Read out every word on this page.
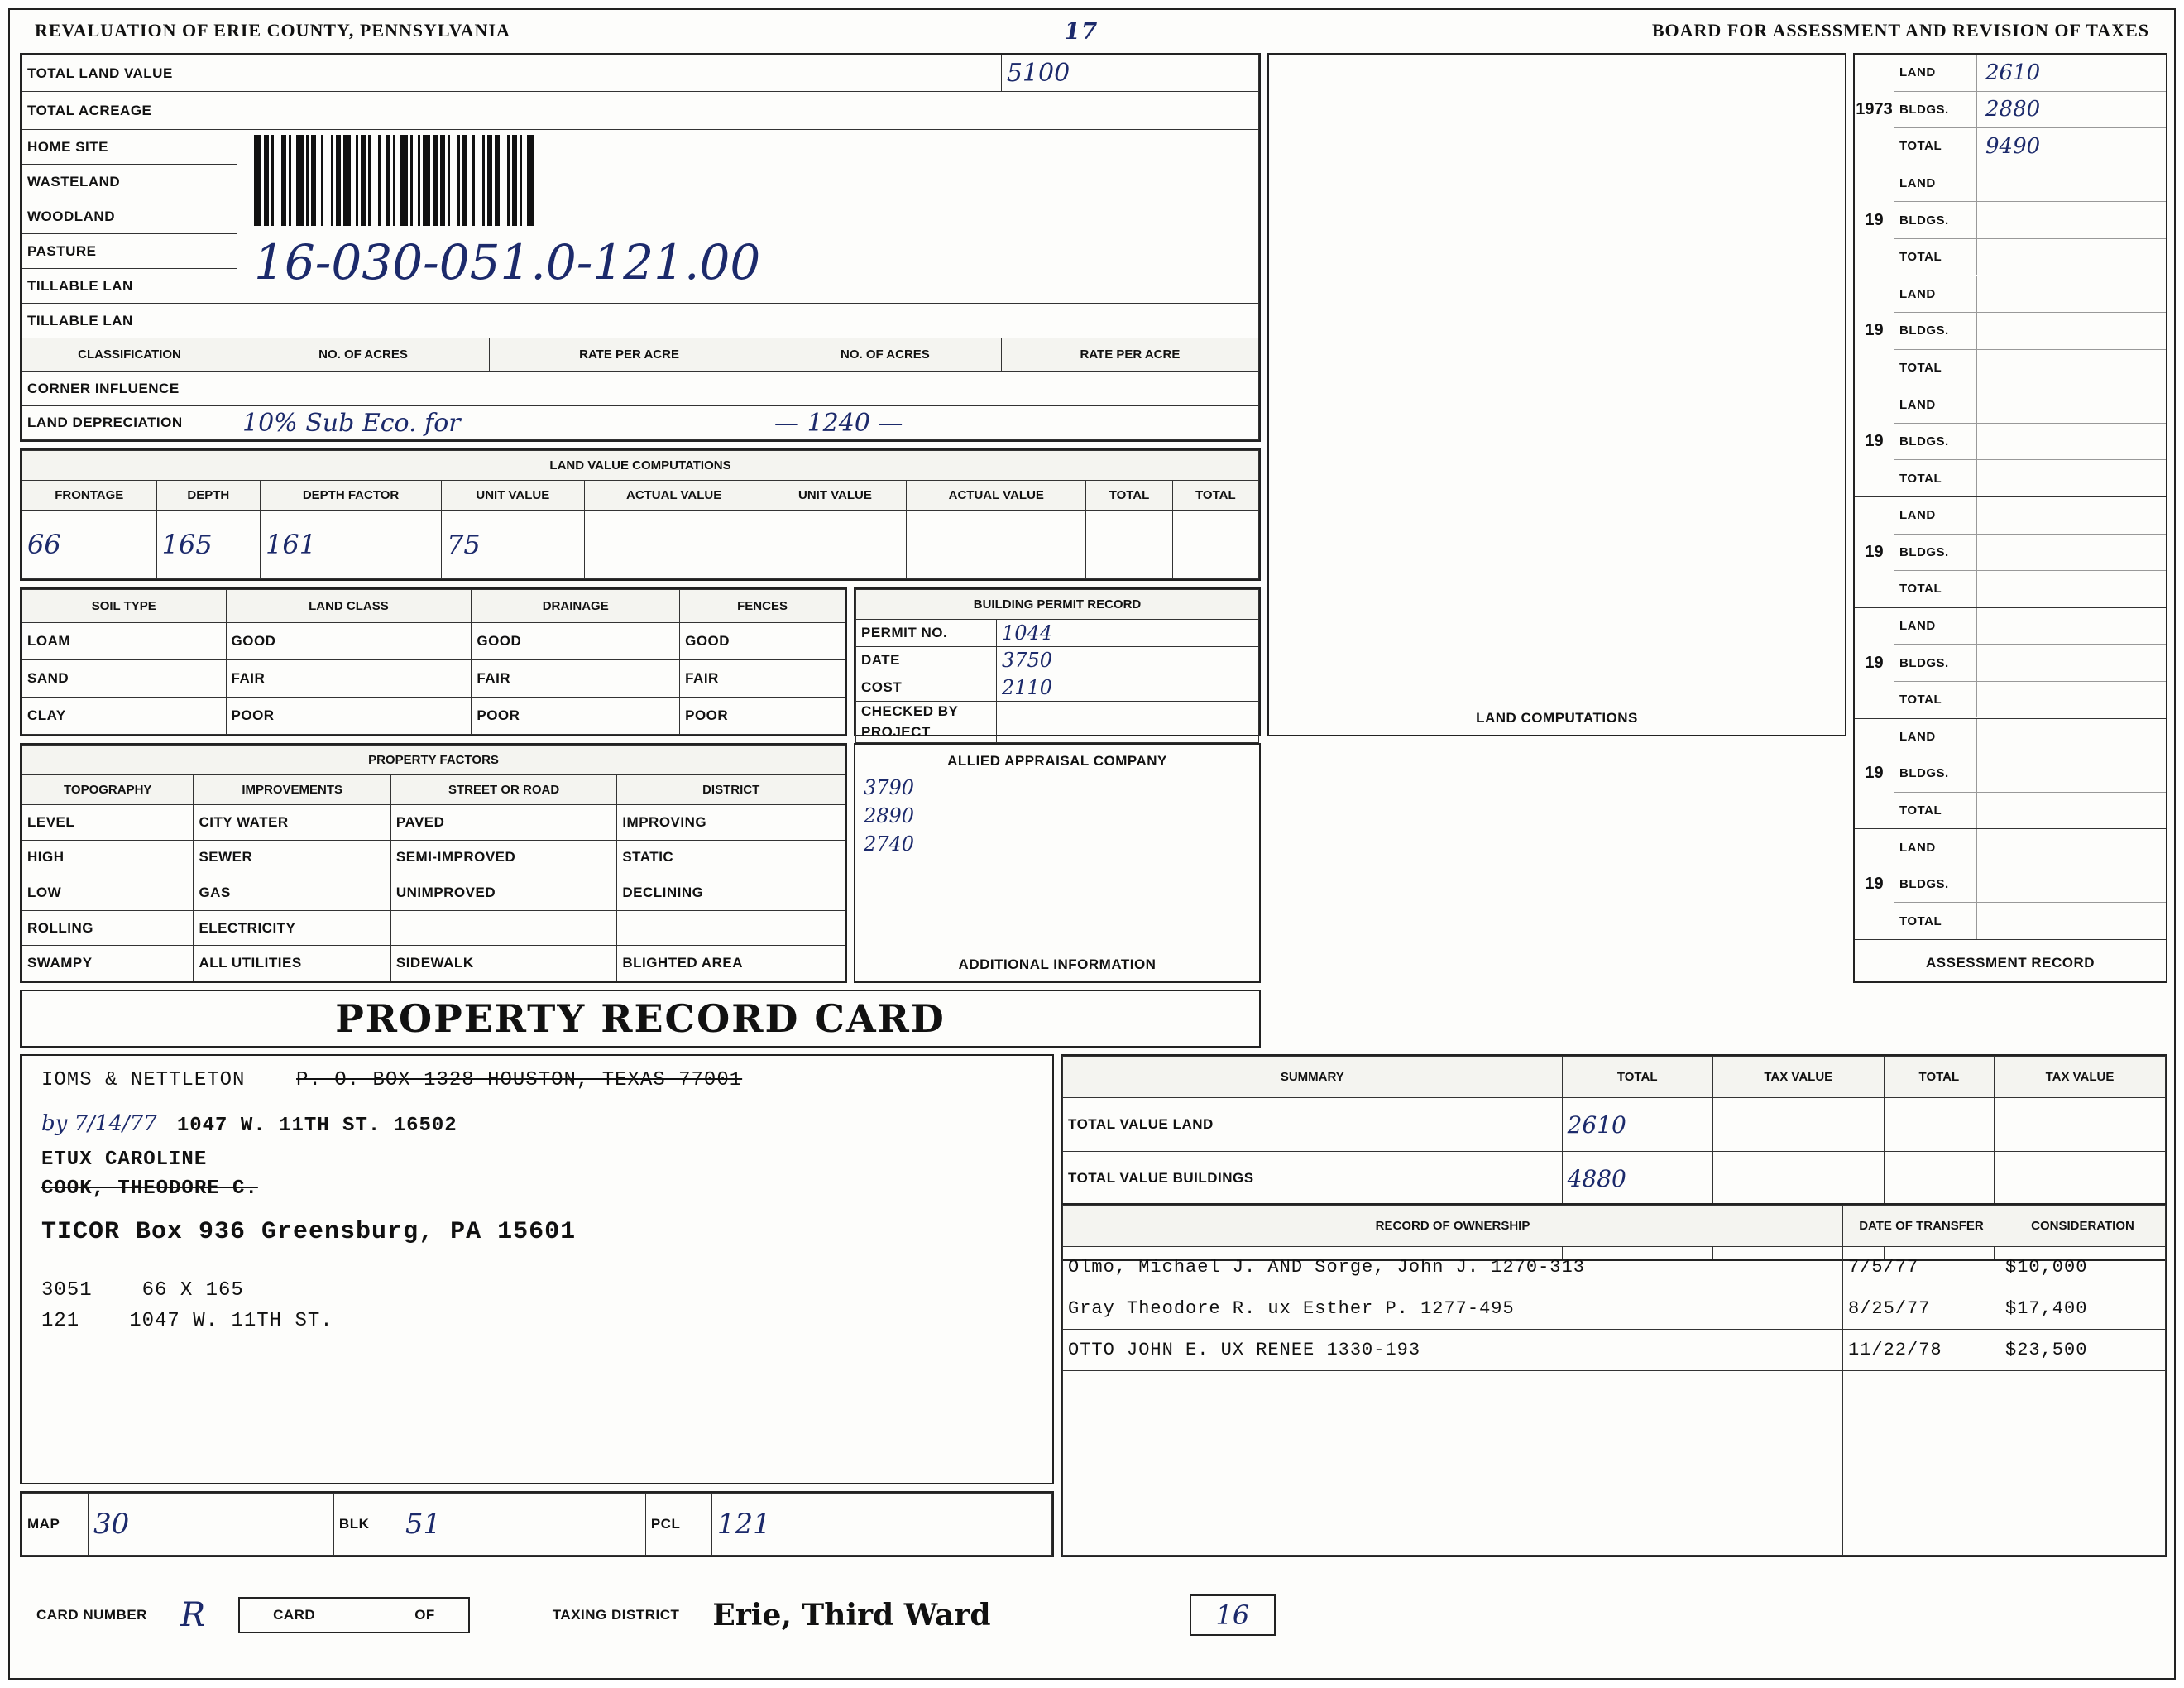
REVALUATION OF ERIE COUNTY, PENNSYLVANIA	17	BOARD FOR ASSESSMENT AND REVISION OF TAXES
TOTAL LAND VALUE				5100
TOTAL ACREAGE				
HOME SITE	16-030-051.0-121.00			

WASTELAND				
WOODLAND				
PASTURE				
TILLABLE LAN				
TILLABLE LAN				
CLASSIFICATION	NO. OF ACRES	RATE PER ACRE	NO. OF ACRES	RATE PER ACRE
CORNER INFLUENCE				
LAND DEPRECIATION	10% Sub Eco. for		— 1240 —	
LAND VALUE COMPUTATIONS								
FRONTAGE	DEPTH	DEPTH FACTOR	UNIT VALUE	ACTUAL VALUE	UNIT VALUE	ACTUAL VALUE	TOTAL	TOTAL
66	165	161	75					
SOIL TYPE	LAND CLASS	DRAINAGE	FENCES
LOAM	GOOD	GOOD	GOOD
SAND	FAIR	FAIR	FAIR
CLAY	POOR	POOR	POOR
BUILDING PERMIT RECORD	
PERMIT NO.	1044
DATE	3750
COST	2110
CHECKED BY	
PROJECT	
PROPERTY FACTORS			
TOPOGRAPHY	IMPROVEMENTS	STREET OR ROAD	DISTRICT
LEVEL	CITY WATER	PAVED	IMPROVING
HIGH	SEWER	SEMI-IMPROVED	STATIC
LOW	GAS	UNIMPROVED	DECLINING
ROLLING	ELECTRICITY		
SWAMPY	ALL UTILITIES	SIDEWALK	BLIGHTED AREA
ALLIED APPRAISAL COMPANY
3790
2890
2740
ADDITIONAL INFORMATION
PROPERTY RECORD CARD
IOMS & NETTLETON	P. O. BOX 1328 HOUSTON, TEXAS 77001
by 7/14/77 1047 W. 11TH ST. 16502
ETUX CAROLINE
COOK, THEODORE C.
TICOR Box 936 Greensburg, PA 15601
3051	66 X 165
121	1047 W. 11TH ST.
MAP	30	BLK	51	PCL	121
CARD NUMBER R	CARD	OF	TAXING DISTRICT Erie, Third Ward	16
LAND COMPUTATIONS
1973
LAND	2610
BLDGS.	2880
TOTAL	9490
19
LAND
BLDGS.
TOTAL
19
LAND
BLDGS.
TOTAL
19
LAND
BLDGS.
TOTAL
19
LAND
BLDGS.
TOTAL
19
LAND
BLDGS.
TOTAL
19
LAND
BLDGS.
TOTAL
19
LAND
BLDGS.
TOTAL
ASSESSMENT RECORD
SUMMARY	TOTAL	TAX VALUE	TOTAL	TAX VALUE
TOTAL VALUE LAND	2610			
TOTAL VALUE BUILDINGS	4880			

RECORD OF OWNERSHIP	DATE OF TRANSFER	CONSIDERATION
Olmo, Michael J. AND Sorge, John J. 1270-313	7/5/77	$10,000
Gray Theodore R. ux Esther P. 1277-495	8/25/77	$17,400
OTTO JOHN E. UX RENEE 1330-193	11/22/78	$23,500
